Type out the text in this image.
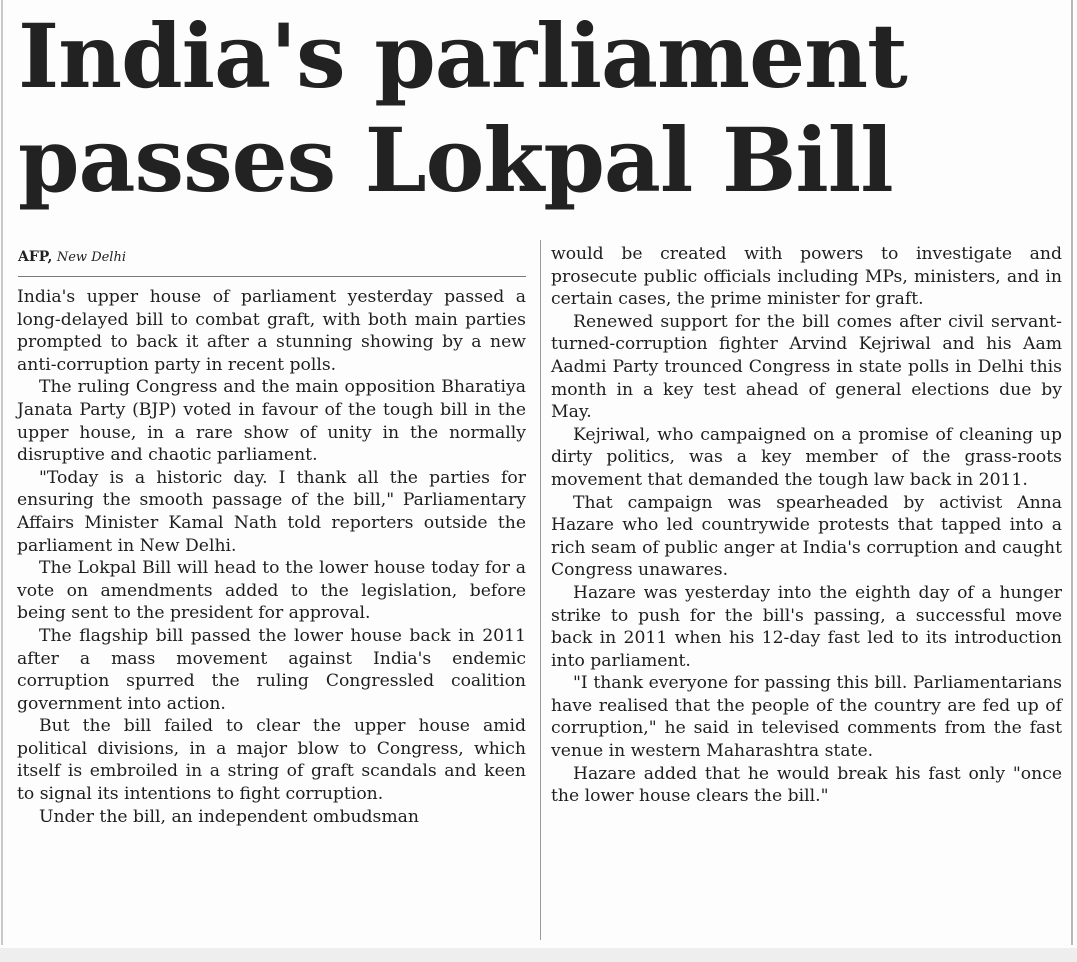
India's parliament
passes Lokpal Bill
AFP, New Delhi

India's upper house of parliament yesterday passed a long-delayed bill to combat graft, with both main parties prompted to back it after a stunning showing by a new anti-corruption party in recent polls.

The ruling Congress and the main opposition Bharatiya Janata Party (BJP) voted in favour of the tough bill in the upper house, in a rare show of unity in the normally disruptive and chaotic parliament.

"Today is a historic day. I thank all the parties for ensuring the smooth passage of the bill," Parliamentary Affairs Minister Kamal Nath told reporters outside the parliament in New Delhi.

The Lokpal Bill will head to the lower house today for a vote on amendments added to the legislation, before being sent to the president for approval.

The flagship bill passed the lower house back in 2011 after a mass movement against India's endemic corruption spurred the ruling Congressled coalition government into action.

But the bill failed to clear the upper house amid political divisions, in a major blow to Congress, which itself is embroiled in a string of graft scandals and keen to signal its intentions to fight corruption.

Under the bill, an independent ombudsman

would be created with powers to investigate and prosecute public officials including MPs, ministers, and in certain cases, the prime minister for graft.

Renewed support for the bill comes after civil servant-turned-corruption fighter Arvind Kejriwal and his Aam Aadmi Party trounced Congress in state polls in Delhi this month in a key test ahead of general elections due by May.

Kejriwal, who campaigned on a promise of cleaning up dirty politics, was a key member of the grass-roots movement that demanded the tough law back in 2011.

That campaign was spearheaded by activist Anna Hazare who led countrywide protests that tapped into a rich seam of public anger at India's corruption and caught Congress unawares.

Hazare was yesterday into the eighth day of a hunger strike to push for the bill's passing, a successful move back in 2011 when his 12-day fast led to its introduction into parliament.

"I thank everyone for passing this bill. Parliamentarians have realised that the people of the country are fed up of corruption," he said in televised comments from the fast venue in western Maharashtra state.

Hazare added that he would break his fast only "once the lower house clears the bill."
